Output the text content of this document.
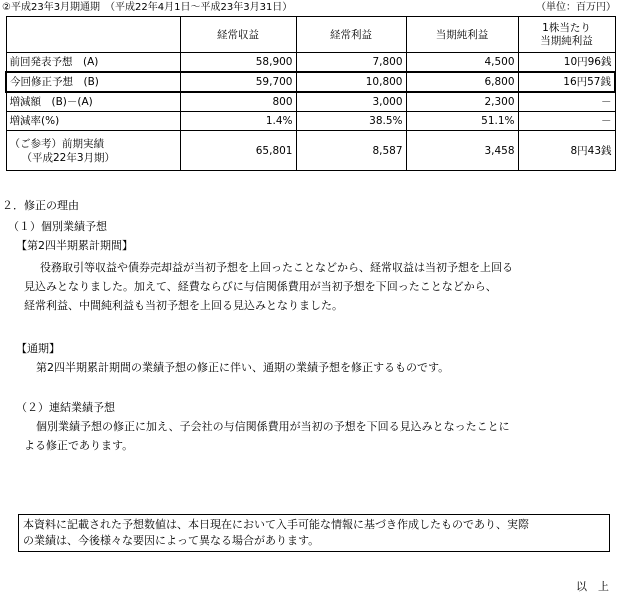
②平成23年3月期通期　（平成22年4月1日～平成23年3月31日）	（単位：百万円）
	経常収益	経常利益	当期純利益	1株当たり
当期純利益

前回発表予想　(A)	58,900	7,800	4,500	10円96銭
今回修正予想　(B)	59,700	10,800	6,800	16円57銭
増減額　(B)－(A)	800	3,000	2,300	－
増減率(%)	1.4%	38.5%	51.1%	－

（ご参考）前期実績
（平成22年3月期）	65,801	8,587	3,458	8円43銭
２．修正の理由
（１）個別業績予想
【第2四半期累計期間】
役務取引等収益や債券売却益が当初予想を上回ったことなどから、経常収益は当初予想を上回る
見込みとなりました。加えて、経費ならびに与信関係費用が当初予想を下回ったことなどから、
経常利益、中間純利益も当初予想を上回る見込みとなりました。
【通期】
第2四半期累計期間の業績予想の修正に伴い、通期の業績予想を修正するものです。
（２）連結業績予想
個別業績予想の修正に加え、子会社の与信関係費用が当初の予想を下回る見込みとなったことに
よる修正であります。
本資料に記載された予想数値は、本日現在において入手可能な情報に基づき作成したものであり、実際
の業績は、今後様々な要因によって異なる場合があります。
以　上
